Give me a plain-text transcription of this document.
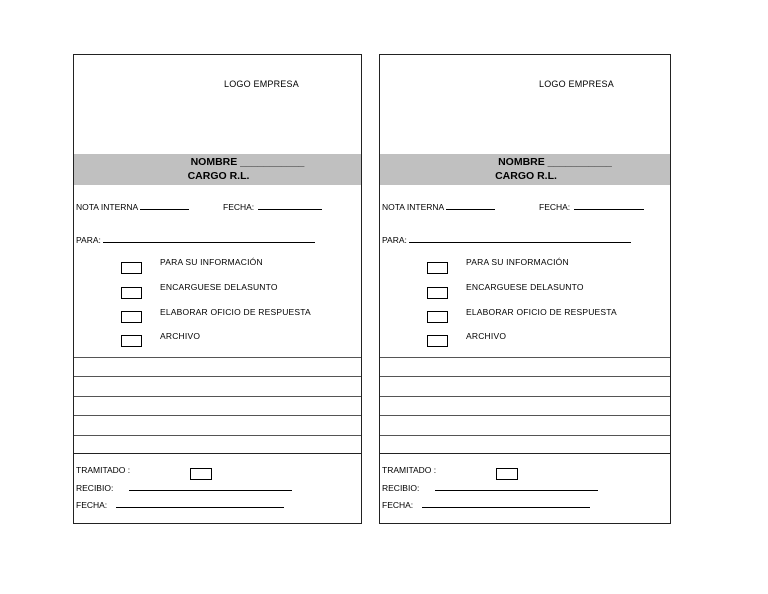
LOGO EMPRESA
NOMBRE ___________
CARGO R.L.
NOTA INTERNA	FECHA:
PARA:
PARA SU INFORMACIÓN
ENCARGUESE DELASUNTO
ELABORAR OFICIO DE RESPUESTA
ARCHIVO
TRAMITADO :
RECIBIO:
FECHA:
LOGO EMPRESA
NOMBRE ___________
CARGO R.L.
NOTA INTERNA	FECHA:
PARA:
PARA SU INFORMACIÓN
ENCARGUESE DELASUNTO
ELABORAR OFICIO DE RESPUESTA
ARCHIVO
TRAMITADO :
RECIBIO:
FECHA:
